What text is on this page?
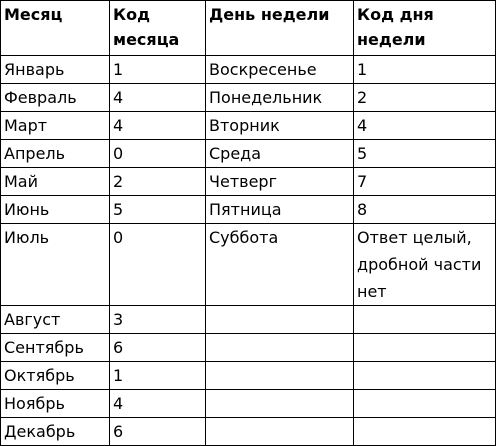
Месяц	Код месяца	День недели	Код дня недели
Январь	1	Воскресенье	1
Февраль	4	Понедельник	2
Март	4	Вторник	4
Апрель	0	Среда	5
Май	2	Четверг	7
Июнь	5	Пятница	8
Июль	0	Суббота	Ответ целый, дробной части нет
Август	3		
Сентябрь	6		
Октябрь	1		
Ноябрь	4		
Декабрь	6		
